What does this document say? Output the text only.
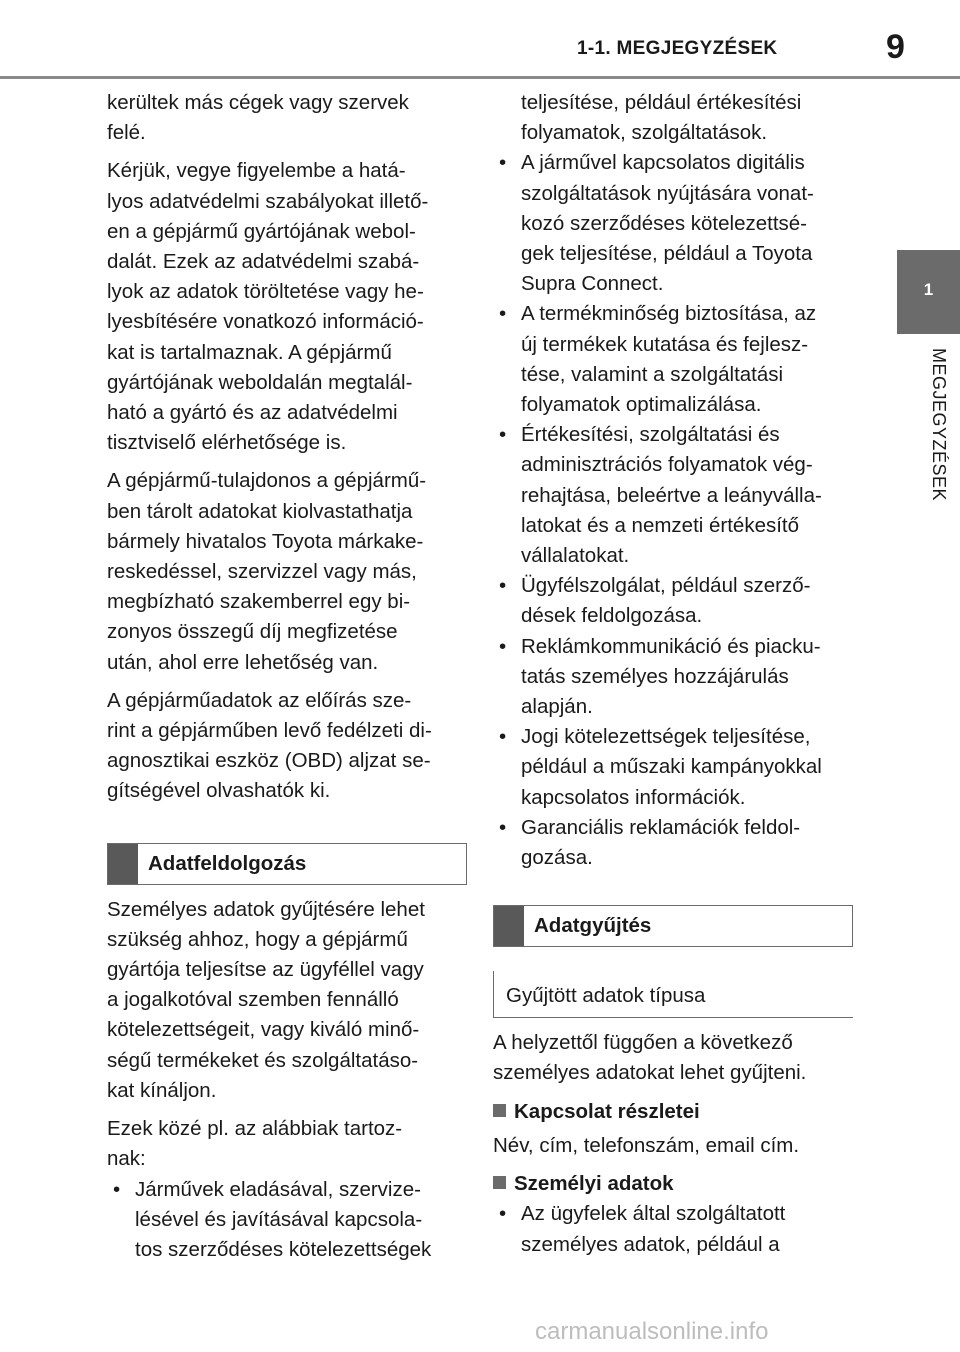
1-1. MEGJEGYZÉSEK	9
1
MEGJEGYZÉSEK

kerültek más cégek vagy szervek
felé.

Kérjük, vegye figyelembe a hatá-
lyos adatvédelmi szabályokat illető-
en a gépjármű gyártójának webol-
dalát. Ezek az adatvédelmi szabá-
lyok az adatok töröltetése vagy he-
lyesbítésére vonatkozó információ-
kat is tartalmaznak. A gépjármű
gyártójának weboldalán megtalál-
ható a gyártó és az adatvédelmi
tisztviselő elérhetősége is.

A gépjármű-tulajdonos a gépjármű-
ben tárolt adatokat kiolvastathatja
bármely hivatalos Toyota márkake-
reskedéssel, szervizzel vagy más,
megbízható szakemberrel egy bi-
zonyos összegű díj megfizetése
után, ahol erre lehetőség van.

A gépjárműadatok az előírás sze-
rint a gépjárműben levő fedélzeti di-
agnosztikai eszköz (OBD) aljzat se-
gítségével olvashatók ki.

Adatfeldolgozás

Személyes adatok gyűjtésére lehet
szükség ahhoz, hogy a gépjármű
gyártója teljesítse az ügyféllel vagy
a jogalkotóval szemben fennálló
kötelezettségeit, vagy kiváló minő-
ségű termékeket és szolgáltatáso-
kat kínáljon.

Ezek közé pl. az alábbiak tartoz-
nak:

• Járművek eladásával, szervize-
lésével és javításával kapcsola-
tos szerződéses kötelezettségek
teljesítése, például értékesítési
folyamatok, szolgáltatások.
• A járművel kapcsolatos digitális
szolgáltatások nyújtására vonat-
kozó szerződéses kötelezettsé-
gek teljesítése, például a Toyota
Supra Connect.
• A termékminőség biztosítása, az
új termékek kutatása és fejlesz-
tése, valamint a szolgáltatási
folyamatok optimalizálása.
• Értékesítési, szolgáltatási és
adminisztrációs folyamatok vég-
rehajtása, beleértve a leányválla-
latokat és a nemzeti értékesítő
vállalatokat.
• Ügyfélszolgálat, például szerző-
dések feldolgozása.
• Reklámkommunikáció és piacku-
tatás személyes hozzájárulás
alapján.
• Jogi kötelezettségek teljesítése,
például a műszaki kampányokkal
kapcsolatos információk.
• Garanciális reklamációk feldol-
gozása.
Adatgyűjtés
Gyűjtött adatok típusa

A helyzettől függően a következő
személyes adatokat lehet gyűjteni.

Kapcsolat részletei

Név, cím, telefonszám, email cím.

Személyi adatok

• Az ügyfelek által szolgáltatott
személyes adatok, például a
carmanualsonline.info
